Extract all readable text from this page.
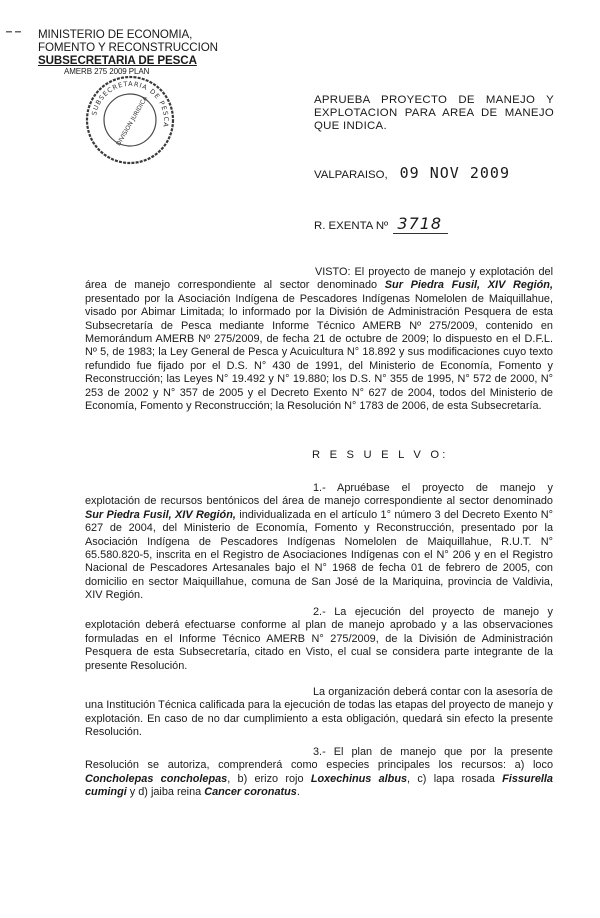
MINISTERIO DE ECONOMIA,
FOMENTO Y RECONSTRUCCION
SUBSECRETARIA DE PESCA
AMERB 275 2009 PLAN
SUBSECRETARIA DE PESCA
DIVISION JURIDICA	APRUEBA PROYECTO DE MANEJO Y EXPLOTACION PARA AREA DE MANEJO QUE INDICA.
VALPARAISO, 09 NOV 2009
R. EXENTA Nº 3718
VISTO: El proyecto de manejo y explotación del área de manejo correspondiente al sector denominado Sur Piedra Fusil, XIV Región, presentado por la Asociación Indígena de Pescadores Indígenas Nomelolen de Maiquillahue, visado por Abimar Limitada; lo informado por la División de Administración Pesquera de esta Subsecretaría de Pesca mediante Informe Técnico AMERB Nº 275/2009, contenido en Memorándum AMERB Nº 275/2009, de fecha 21 de octubre de 2009; lo dispuesto en el D.F.L. Nº 5, de 1983; la Ley General de Pesca y Acuicultura N° 18.892 y sus modificaciones cuyo texto refundido fue fijado por el D.S. N° 430 de 1991, del Ministerio de Economía, Fomento y Reconstrucción; las Leyes N° 19.492 y N° 19.880; los D.S. N° 355 de 1995, N° 572 de 2000, N° 253 de 2002 y N° 357 de 2005 y el Decreto Exento N° 627 de 2004, todos del Ministerio de Economía, Fomento y Reconstrucción; la Resolución N° 1783 de 2006, de esta Subsecretaría.
R E S U E L V O:
1.- Apruébase el proyecto de manejo y explotación de recursos bentónicos del área de manejo correspondiente al sector denominado Sur Piedra Fusil, XIV Región, individualizada en el artículo 1° número 3 del Decreto Exento N° 627 de 2004, del Ministerio de Economía, Fomento y Reconstrucción, presentado por la Asociación Indígena de Pescadores Indígenas Nomelolen de Maiquillahue, R.U.T. N° 65.580.820-5, inscrita en el Registro de Asociaciones Indígenas con el N° 206 y en el Registro Nacional de Pescadores Artesanales bajo el N° 1968 de fecha 01 de febrero de 2005, con domicilio en sector Maiquillahue, comuna de San José de la Mariquina, provincia de Valdivia, XIV Región.
2.- La ejecución del proyecto de manejo y explotación deberá efectuarse conforme al plan de manejo aprobado y a las observaciones formuladas en el Informe Técnico AMERB N° 275/2009, de la División de Administración Pesquera de esta Subsecretaría, citado en Visto, el cual se considera parte integrante de la presente Resolución.
La organización deberá contar con la asesoría de una Institución Técnica calificada para la ejecución de todas las etapas del proyecto de manejo y explotación. En caso de no dar cumplimiento a esta obligación, quedará sin efecto la presente Resolución.
3.- El plan de manejo que por la presente Resolución se autoriza, comprenderá como especies principales los recursos: a) loco Concholepas concholepas, b) erizo rojo Loxechinus albus, c) lapa rosada Fissurella cumingi y d) jaiba reina Cancer coronatus.
